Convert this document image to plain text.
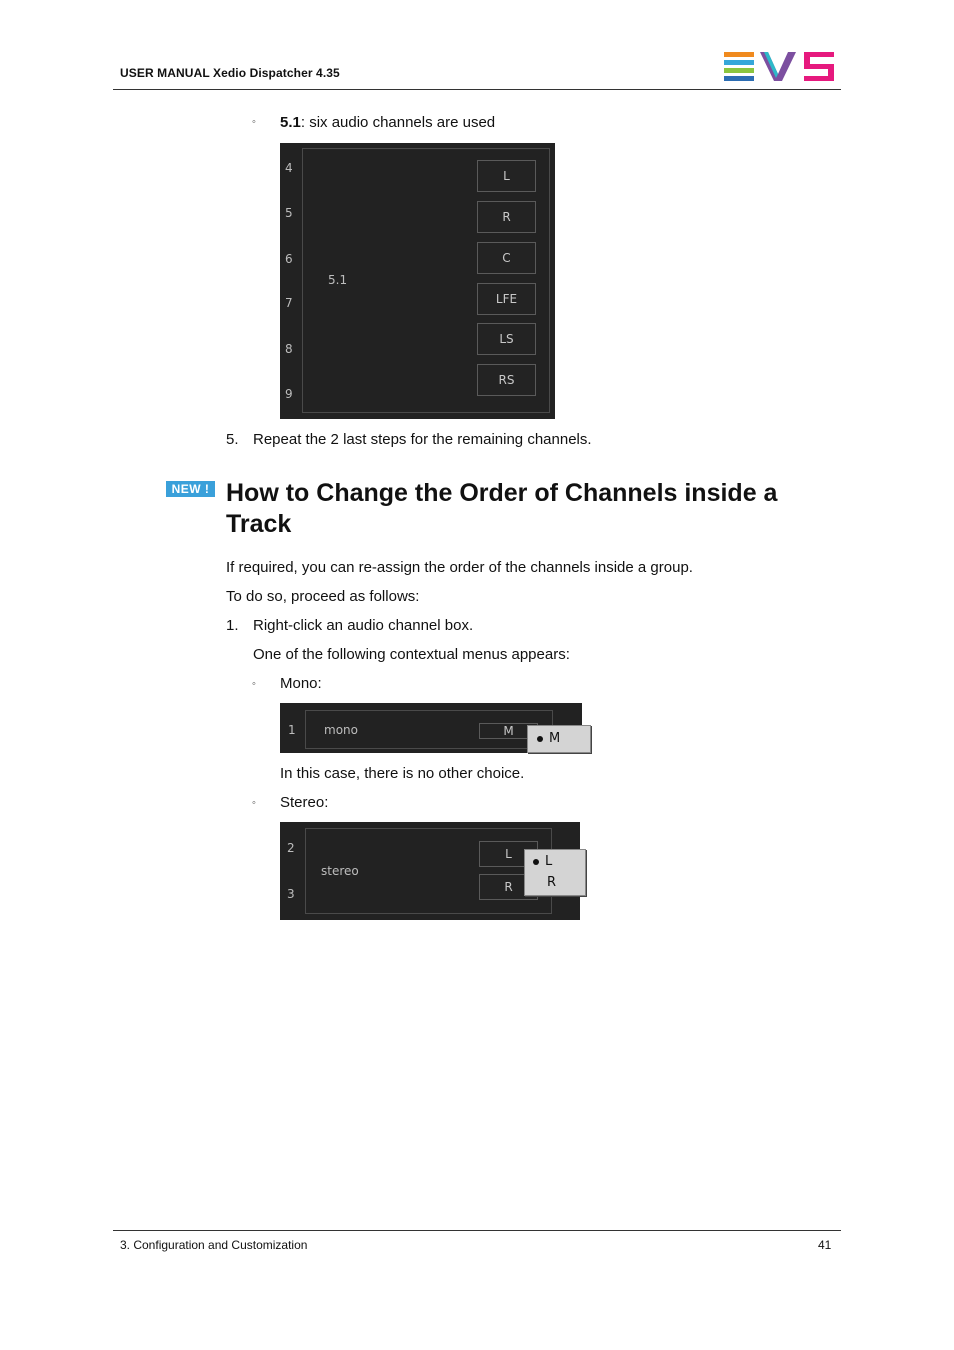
USER MANUAL Xedio Dispatcher 4.35
◦ 5.1: six audio channels are used
4
5
6
7
8
9
5.1
L
R
C
LFE
LS
RS
5. Repeat the 2 last steps for the remaining channels.
NEW ! How to Change the Order of Channels inside a
Track
If required, you can re-assign the order of the channels inside a group.
To do so, proceed as follows:
1. Right-click an audio channel box.
One of the following contextual menus appears:
◦ Mono:
1 mono	M	M
In this case, there is no other choice.
◦ Stereo:
2
3
stereo
L
R
L
R
3. Configuration and Customization	41
